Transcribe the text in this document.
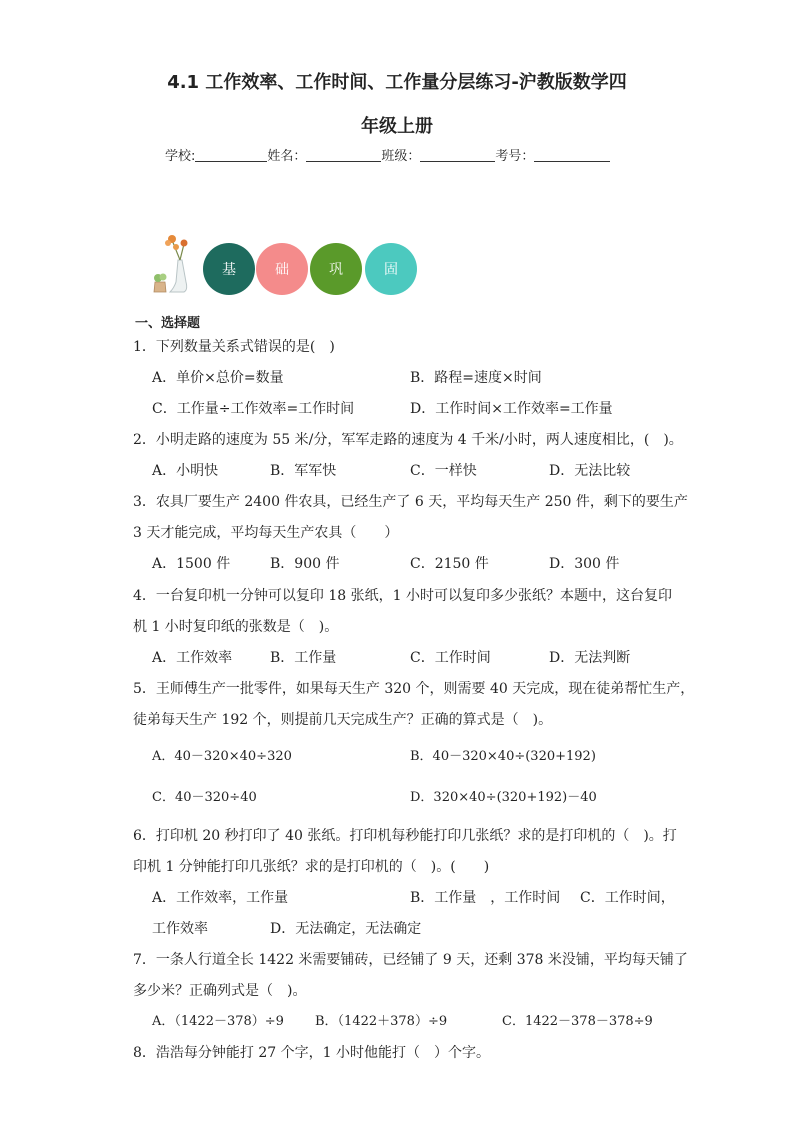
4.1 工作效率、工作时间、工作量分层练习-沪教版数学四
年级上册
学校:	姓名：	班级：	考号：
基	础	巩	固
一、选择题
1．下列数量关系式错误的是(　)
A．单价×总价=数量	B．路程=速度×时间
C．工作量÷工作效率=工作时间	D．工作时间×工作效率=工作量
2．小明走路的速度为 55 米/分，军军走路的速度为 4 千米/小时，两人速度相比，(　)。
A．小明快	B．军军快	C．一样快	D．无法比较
3．农具厂要生产 2400 件农具，已经生产了 6 天，平均每天生产 250 件，剩下的要生产
3 天才能完成，平均每天生产农具（　　）
A．1500 件	B．900 件	C．2150 件	D．300 件
4．一台复印机一分钟可以复印 18 张纸，1 小时可以复印多少张纸？本题中，这台复印
机 1 小时复印纸的张数是（　)。
A．工作效率	B．工作量	C．工作时间	D．无法判断
5．王师傅生产一批零件，如果每天生产 320 个，则需要 40 天完成，现在徒弟帮忙生产，
徒弟每天生产 192 个，则提前几天完成生产？正确的算式是（　)。
A．40－320×40÷320	B．40－320×40÷(320+192)
C．40－320÷40	D．320×40÷(320+192)－40
6．打印机 20 秒打印了 40 张纸。打印机每秒能打印几张纸？求的是打印机的（　)。打
印机 1 分钟能打印几张纸？求的是打印机的（　)。(　　)
A．工作效率，工作量	B．工作量　，工作时间 C．工作时间，
工作效率	D．无法确定，无法确定
7．一条人行道全长 1422 米需要铺砖，已经铺了 9 天，还剩 378 米没铺，平均每天铺了
多少米？正确列式是（　)。
A．（1422－378）÷9 B．（1422＋378）÷9	C．1422－378－378÷9
8．浩浩每分钟能打 27 个字，1 小时他能打（　）个字。
